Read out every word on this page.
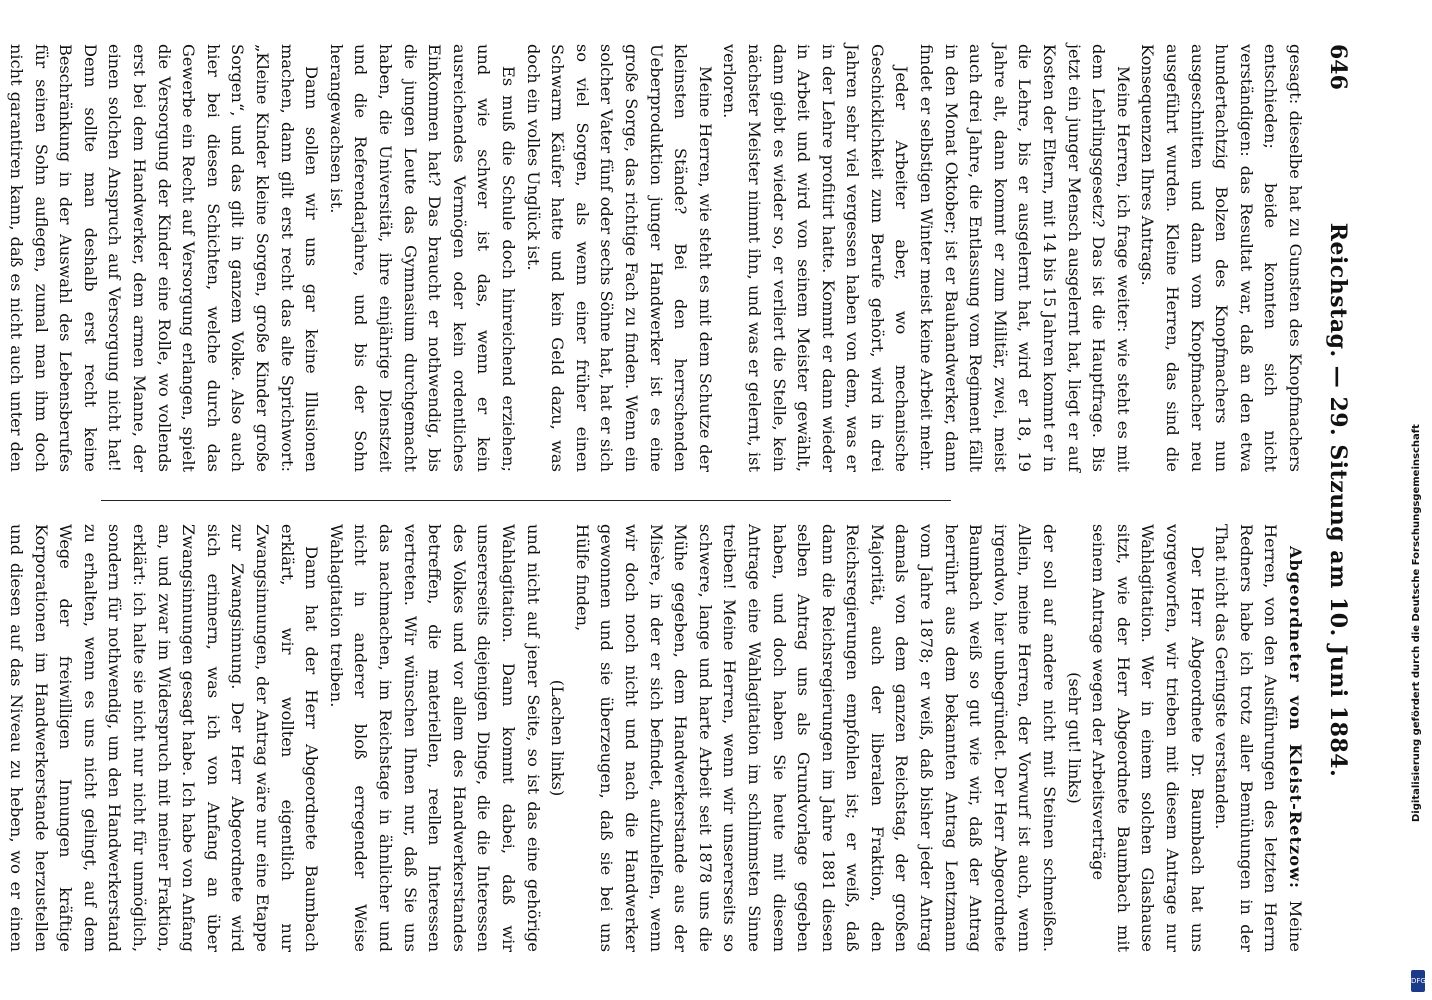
646
Reichstag. — 29. Sitzung am 10. Juni 1884.

gesagt: dieselbe hat zu Gunsten des Knopfmachers entschieden; beide konnten sich nicht verständigen: das Resultat war, daß an den etwa hundertachtzig Bolzen des Knopfmachers nun ausgeschnitten und dann vom Knopfmacher neu ausgeführt wurden. Kleine Herren, das sind die Konsequenzen Ihres Antrags.

Meine Herren, ich frage weiter: wie steht es mit dem Lehrlingsgesetz? Das ist die Hauptfrage. Bis jetzt ein junger Mensch ausgelernt hat, liegt er auf Kosten der Eltern, mit 14 bis 15 Jahren kommt er in die Lehre, bis er ausgelernt hat, wird er 18, 19 Jahre alt, dann kommt er zum Militär, zwei, meist auch drei Jahre, die Entlassung vom Regiment fällt in den Monat Oktober; ist er Bauhandwerker, dann findet er selbstigen Winter meist keine Arbeit mehr.

Jeder Arbeiter aber, wo mechanische Geschicklichkeit zum Berufe gehört, wird in drei Jahren sehr viel vergessen haben von dem, was er in der Lehre profitirt hatte. Kommt er dann wieder in Arbeit und wird von seinem Meister gewählt, dann giebt es wieder so, er verliert die Stelle, kein nächster Meister nimmt ihn, und was er gelernt, ist verloren.

Meine Herren, wie steht es mit dem Schutze der kleinsten Stände? Bei den herrschenden Ueberproduktion junger Handwerker ist es eine große Sorge, das richtige Fach zu finden. Wenn ein solcher Vater fünf oder sechs Söhne hat, hat er sich so viel Sorgen, als wenn einer früher einen Schwarm Käufer hatte und kein Geld dazu, was doch ein volles Unglück ist.

Es muß die Schule doch hinreichend erziehen; und wie schwer ist das, wenn er kein ausreichendes Vermögen oder kein ordentliches Einkommen hat? Das braucht er nothwendig, bis die jungen Leute das Gymnasium durchgemacht haben, die Universität, ihre einjährige Dienstzeit und die Referendarjahre, und bis der Sohn herangewachsen ist.

Dann sollen wir uns gar keine Illusionen machen, dann gilt erst recht das alte Sprichwort: „Kleine Kinder kleine Sorgen, große Kinder große Sorgen“, und das gilt in ganzem Volke. Also auch hier bei diesen Schichten, welche durch das Gewerbe ein Recht auf Versorgung erlangen, spielt die Versorgung der Kinder eine Rolle, wo vollends erst bei dem Handwerker, dem armen Manne, der einen solchen Anspruch auf Versorgung nicht hat! Denn sollte man deshalb erst recht keine Beschränkung in der Auswahl des Lebensberufes für seinen Sohn auflegen, zumal man ihm doch nicht garantiren kann, daß es nicht auch unter den

Abgeordneter von Kleist-Retzow: Meine Herren, von den Ausführungen des letzten Herrn Redners habe ich trotz aller Bemühungen in der That nicht das Geringste verstanden.

Der Herr Abgeordnete Dr. Baumbach hat uns vorgeworfen, wir trieben mit diesem Antrage nur Wahlagitation. Wer in einem solchen Glashause sitzt, wie der Herr Abgeordnete Baumbach mit seinem Antrage wegen der Arbeitsverträge

(sehr gut! links)

der soll auf andere nicht mit Steinen schmeißen. Allein, meine Herren, der Vorwurf ist auch, wenn irgendwo, hier unbegründet. Der Herr Abgeordnete Baumbach weiß so gut wie wir, daß der Antrag herrührt aus dem bekannten Antrag Lentzmann vom Jahre 1878; er weiß, daß bisher jeder Antrag damals von dem ganzen Reichstag, der großen Majorität, auch der liberalen Fraktion, den Reichsregierungen empfohlen ist; er weiß, daß dann die Reichsregierungen im Jahre 1881 diesen selben Antrag uns als Grundvorlage gegeben haben, und doch haben Sie heute mit diesem Antrage eine Wahlagitation im schlimmsten Sinne treiben! Meine Herren, wenn wir unsererseits so schwere, lange und harte Arbeit seit 1878 uns die Mühe gegeben, dem Handwerkerstande aus der Misère, in der er sich befindet, aufzuhelfen, wenn wir doch noch nicht und nach die Handwerker gewonnen und sie überzeugen, daß sie bei uns Hülfe finden,

(Lachen links)

und nicht auf jener Seite, so ist das eine gehörige Wahlagitation. Dann kommt dabei, daß wir unsererseits diejenigen Dinge, die die Interessen des Volkes und vor allem des Handwerkerstandes betreffen, die materiellen, reellen Interessen vertreten. Wir wünschen Ihnen nur, daß Sie uns das nachmachen, im Reichstage in ähnlicher und nicht in anderer bloß erregender Weise Wahlagitation treiben.

Dann hat der Herr Abgeordnete Baumbach erklärt, wir wollten eigentlich nur Zwangsinnungen, der Antrag wäre nur eine Etappe zur Zwangsinnung. Der Herr Abgeordnete wird sich erinnern, was ich von Anfang an über Zwangsinnungen gesagt habe. Ich habe von Anfang an, und zwar im Widerspruch mit meiner Fraktion, erklärt: ich halte sie nicht nur nicht für unmöglich, sondern für nothwendig, um den Handwerkerstand zu erhalten, wenn es uns nicht gelingt, auf dem Wege der freiwilligen Innungen kräftige Korporationen im Handwerkerstande herzustellen und diesen auf das Niveau zu heben, wo er einen

Digitalisierung gefördert durch die Deutsche Forschungsgemeinschaft
DFG
